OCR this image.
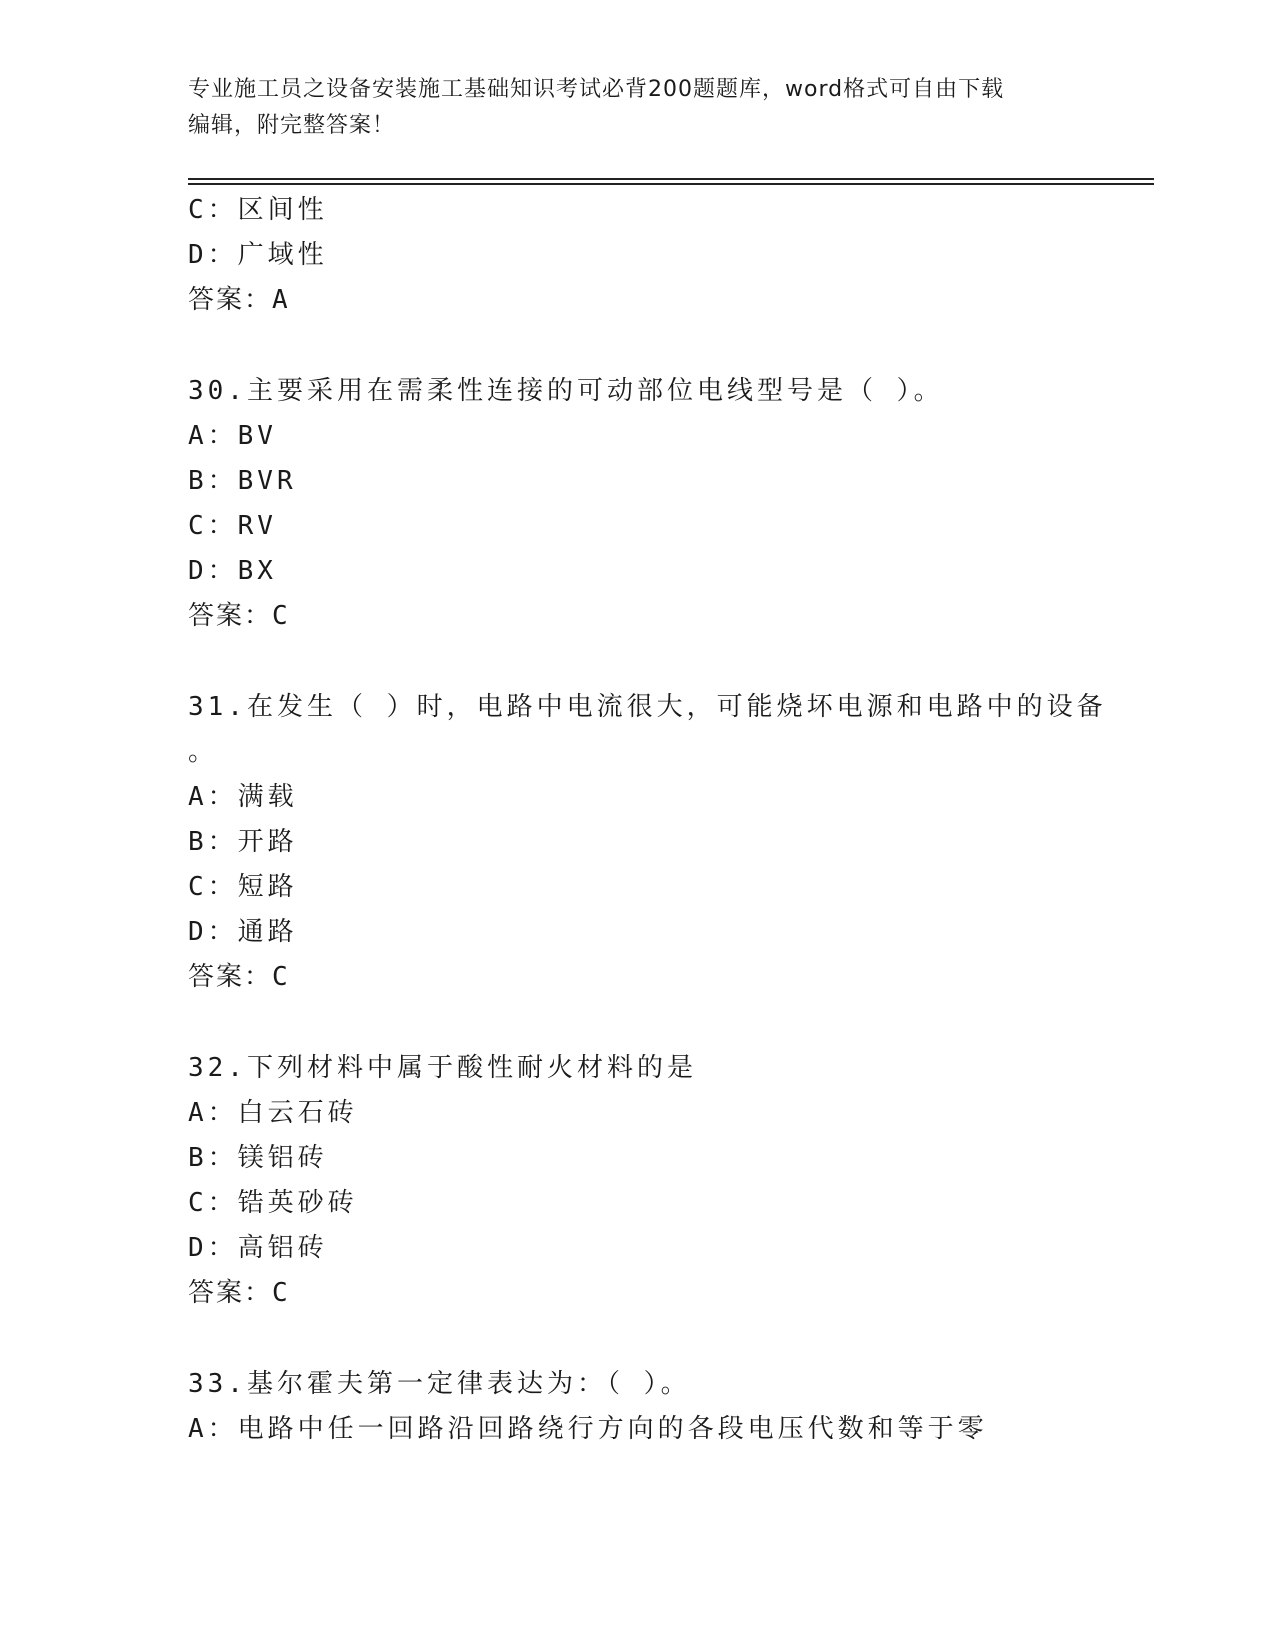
专业施工员之设备安装施工基础知识考试必背200题题库，word格式可自由下载
编辑，附完整答案！
C：区间性
D：广域性
答案：A
30.主要采用在需柔性连接的可动部位电线型号是（ ）。
A：BV
B：BVR
C：RV
D：BX
答案：C
31.在发生（ ）时，电路中电流很大，可能烧坏电源和电路中的设备
。
A：满载
B：开路
C：短路
D：通路
答案：C
32.下列材料中属于酸性耐火材料的是
A：白云石砖
B：镁铝砖
C：锆英砂砖
D：高铝砖
答案：C
33.基尔霍夫第一定律表达为：（ ）。
A：电路中任一回路沿回路绕行方向的各段电压代数和等于零
